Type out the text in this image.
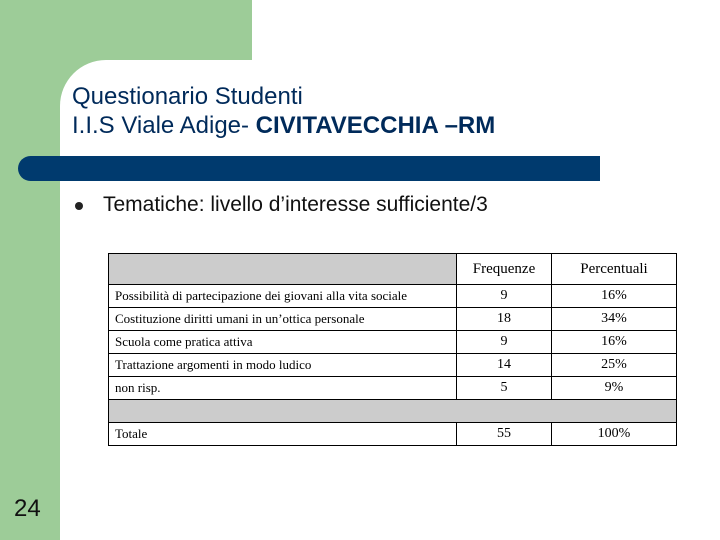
Questionario Studenti
I.I.S Viale Adige- CIVITAVECCHIA –RM
Tematiche: livello d’interesse sufficiente/3
	Frequenze	Percentuali
Possibilità di partecipazione dei giovani alla vita sociale	9	16%
Costituzione diritti umani in un’ottica personale	18	34%
Scuola come pratica attiva	9	16%
Trattazione argomenti in modo ludico	14	25%
non risp.	5	9%

Totale	55	100%
24
